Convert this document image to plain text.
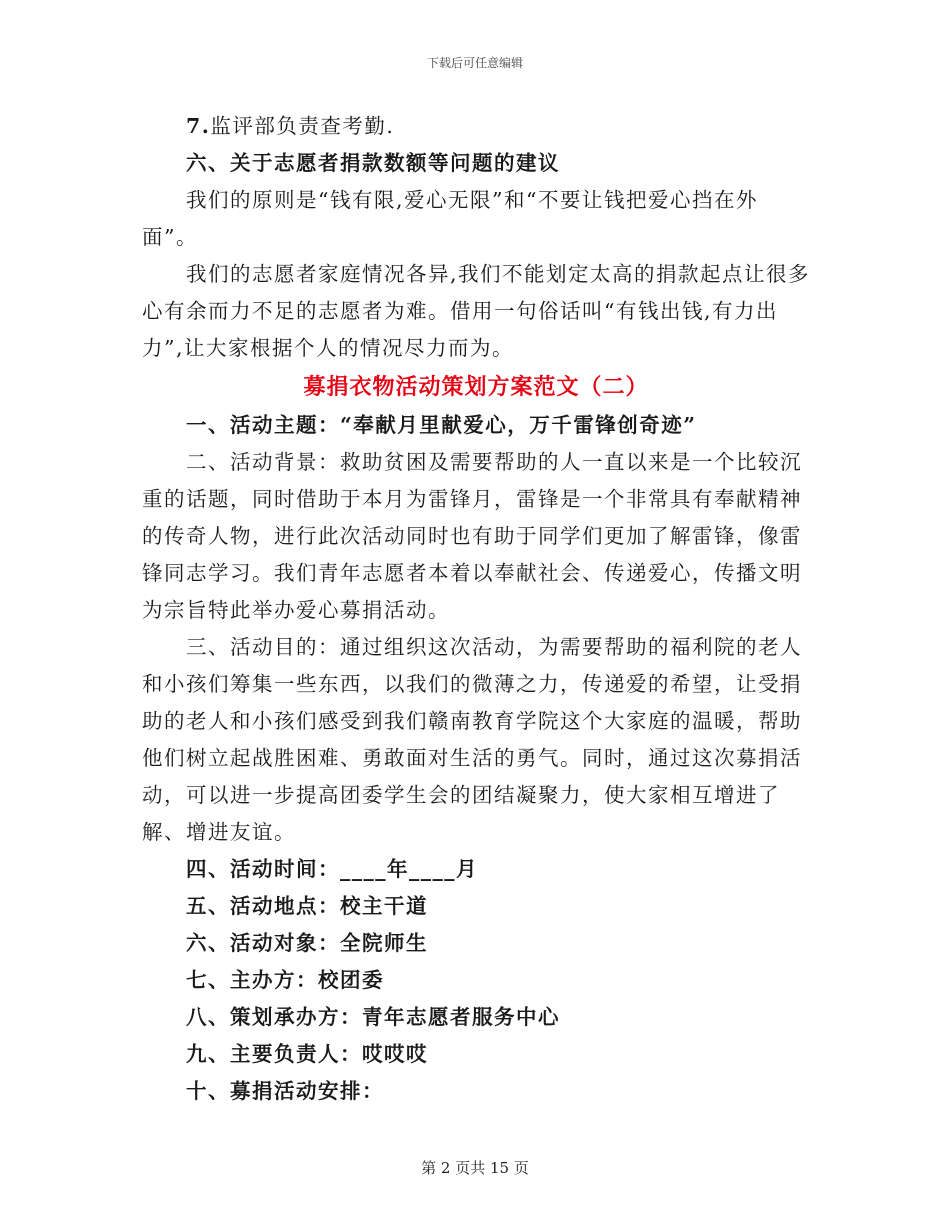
下载后可任意编辑

7.监评部负责查考勤.

六、关于志愿者捐款数额等问题的建议

我们的原则是“钱有限,爱心无限”和“不要让钱把爱心挡在外面”。

我们的志愿者家庭情况各异,我们不能划定太高的捐款起点让很多心有余而力不足的志愿者为难。借用一句俗话叫“有钱出钱,有力出力”,让大家根据个人的情况尽力而为。

募捐衣物活动策划方案范文（二）

一、活动主题：“奉献月里献爱心，万千雷锋创奇迹”

二、活动背景：救助贫困及需要帮助的人一直以来是一个比较沉重的话题，同时借助于本月为雷锋月，雷锋是一个非常具有奉献精神的传奇人物，进行此次活动同时也有助于同学们更加了解雷锋，像雷锋同志学习。我们青年志愿者本着以奉献社会、传递爱心，传播文明为宗旨特此举办爱心募捐活动。

三、活动目的：通过组织这次活动，为需要帮助的福利院的老人和小孩们筹集一些东西，以我们的微薄之力，传递爱的希望，让受捐助的老人和小孩们感受到我们赣南教育学院这个大家庭的温暖，帮助他们树立起战胜困难、勇敢面对生活的勇气。同时，通过这次募捐活动，可以进一步提高团委学生会的团结凝聚力，使大家相互增进了解、增进友谊。

四、活动时间：____年____月

五、活动地点：校主干道

六、活动对象：全院师生

七、主办方：校团委

八、策划承办方：青年志愿者服务中心

九、主要负责人：哎哎哎

十、募捐活动安排：

第 2 页共 15 页
